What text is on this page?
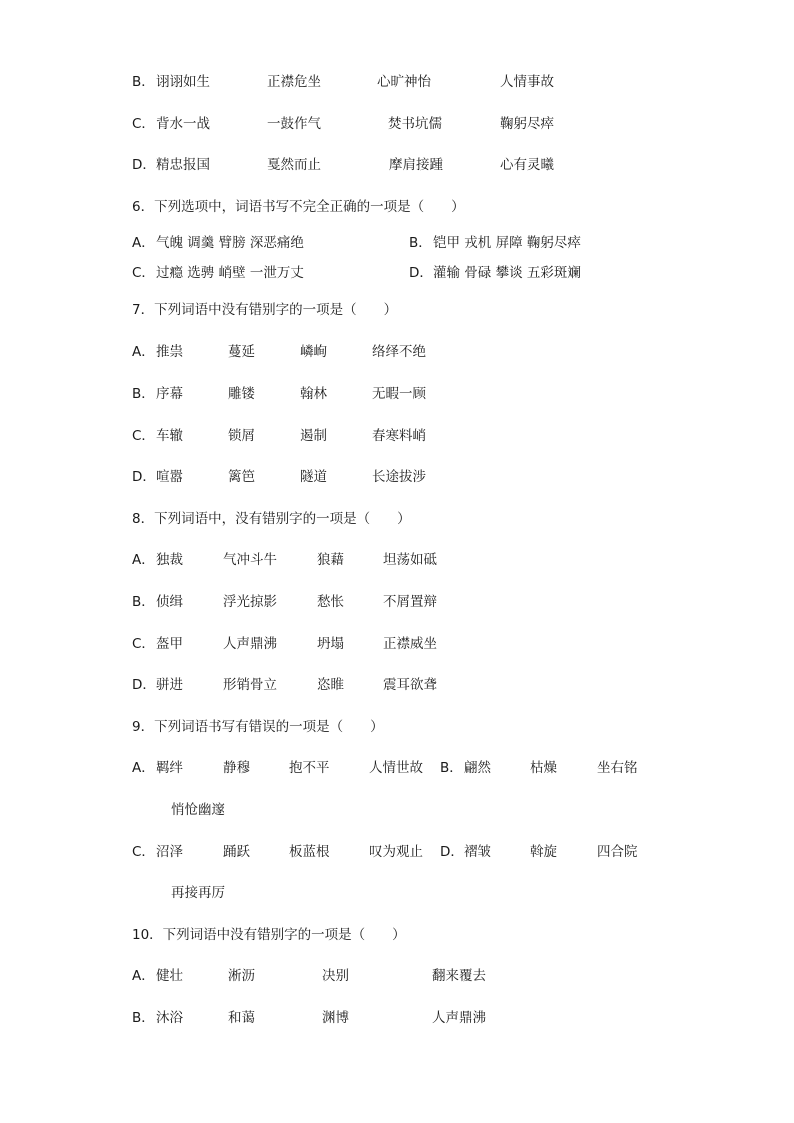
B． 诩诩如生	正襟危坐	心旷神怡	人情事故
C． 背水一战	一鼓作气	焚书坑儒	鞠躬尽瘁
D． 精忠报国	戛然而止	摩肩接踵	心有灵曦
6．下列选项中，词语书写不完全正确的一项是（　　）
A． 气魄 调羹 臂膀 深恶痛绝	B． 铠甲 戎机 屏障 鞠躬尽瘁
C． 过瘾 选骋 峭壁 一泄万丈	D． 灌输 骨碌 攀谈 五彩斑斓
7．下列词语中没有错别字的一项是（　　）
A． 推祟	蔓延	嶙峋	络绎不绝
B． 序幕	雕镂	翰林	无暇一顾
C． 车辙	锁屑	遏制	春寒料峭
D． 喧嚣	篱笆	隧道	长途拔涉
8．下列词语中，没有错别字的一项是（　　）
A． 独裁	气冲斗牛	狼藉	坦荡如砥
B． 侦缉	浮光掠影	愁怅	不屑置辩
C． 盔甲	人声鼎沸	坍塌	正襟威坐
D． 骈进	形销骨立	恣睢	震耳欲聋
9．下列词语书写有错误的一项是（　　）
A． 羁绊	静穆	抱不平	人情世故 B． 翩然	枯燥	坐右铭
悄怆幽邃
C． 沼泽	踊跃	板蓝根	叹为观止 D． 褶皱	斡旋	四合院
再接再厉
10．下列词语中没有错别字的一项是（　　）
A． 健壮	淅沥	决别	翻来覆去
B． 沐浴	和蔼	渊博	人声鼎沸
